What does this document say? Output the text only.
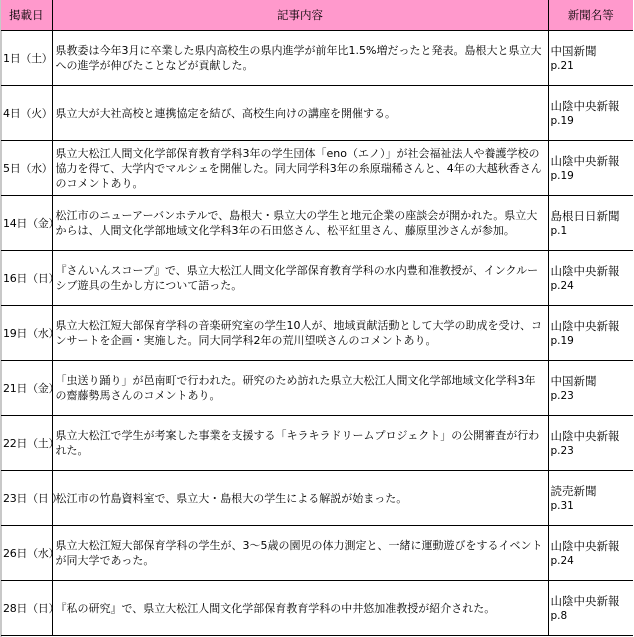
掲載日	記事内容	新聞名等
1日（土）	県教委は今年3月に卒業した県内高校生の県内進学が前年比1.5%増だったと発表。島根大と県立大への進学が伸びたことなどが貢献した。	中国新聞
p.21

4日（火）	県立大が大社高校と連携協定を結び、高校生向けの講座を開催する。	山陰中央新報
p.19

5日（水）	県立大松江人間文化学部保育教育学科3年の学生団体「eno（エノ）」が社会福祉法人や養護学校の協力を得て、大学内でマルシェを開催した。同大同学科3年の糸原瑞稀さんと、4年の大越秋香さんのコメントあり。	山陰中央新報
p.19

14日（金）	松江市のニューアーバンホテルで、島根大・県立大の学生と地元企業の座談会が開かれた。県立大からは、人間文化学部地域文化学科3年の石田悠さん、松平紅里さん、藤原里沙さんが参加。	島根日日新聞
p.1

16日（日）	『さんいんスコープ』で、県立大松江人間文化学部保育教育学科の水内豊和准教授が、インクルーシブ遊具の生かし方について語った。	山陰中央新報
p.24

19日（水）	県立大松江短大部保育学科の音楽研究室の学生10人が、地域貢献活動として大学の助成を受け、コンサートを企画・実施した。同大同学科2年の荒川望咲さんのコメントあり。	山陰中央新報
p.19

21日（金）	「虫送り踊り」が邑南町で行われた。研究のため訪れた県立大松江人間文化学部地域文化学科3年の齋藤勢馬さんのコメントあり。	中国新聞
p.23

22日（土）	県立大松江で学生が考案した事業を支援する「キラキラドリームプロジェクト」の公開審査が行われた。	山陰中央新報
p.23

23日（日 ）	松江市の竹島資料室で、県立大・島根大の学生による解説が始まった。	読売新聞
p.31

26日（水）	県立大松江短大部保育学科の学生が、3～5歳の園児の体力測定と、一緒に運動遊びをするイベントが同大学であった。	山陰中央新報
p.24

28日（日）	『私の研究』で、県立大松江人間文化学部保育教育学科の中井悠加准教授が紹介された。	山陰中央新報
p.8
